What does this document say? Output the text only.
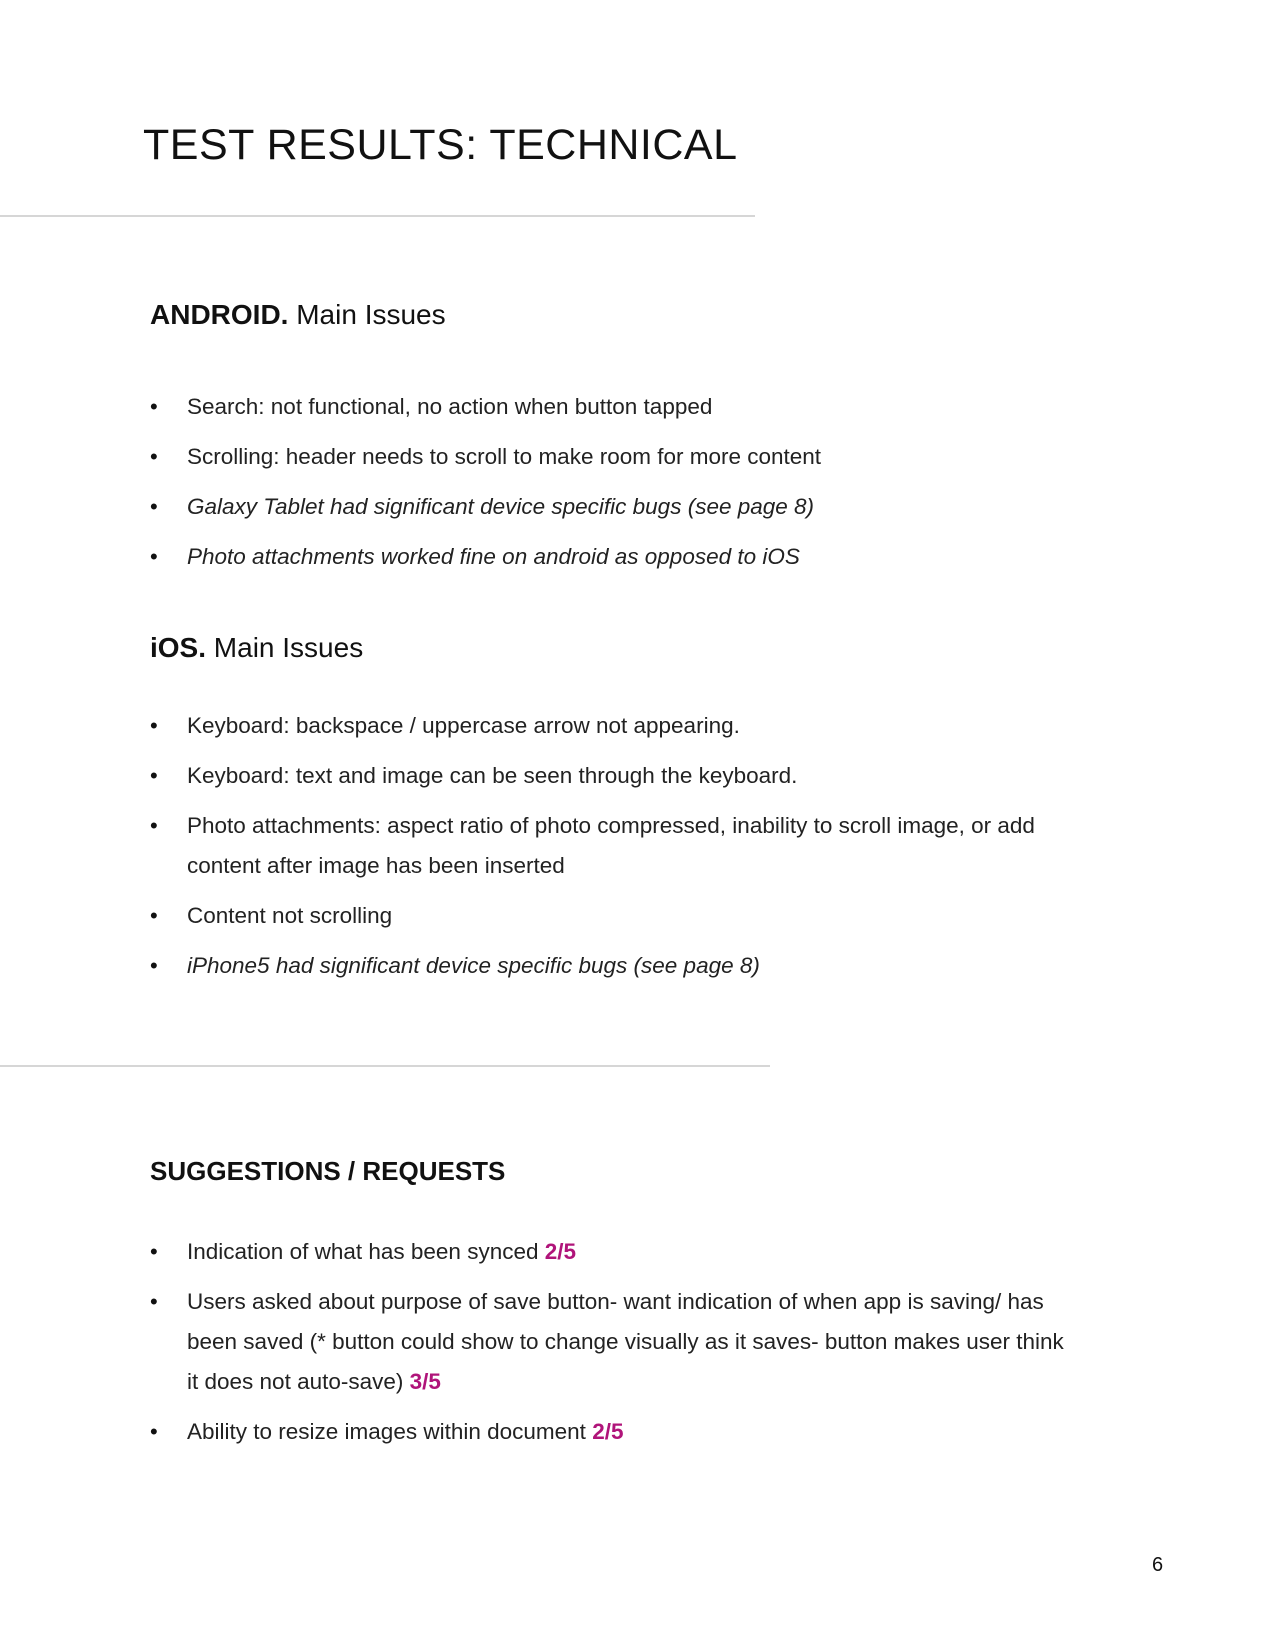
TEST RESULTS: TECHNICAL
ANDROID. Main Issues
• Search: not functional, no action when button tapped
• Scrolling: header needs to scroll to make room for more content
• Galaxy Tablet had significant device specific bugs (see page 8)
• Photo attachments worked fine on android as opposed to iOS
iOS. Main Issues
• Keyboard: backspace / uppercase arrow not appearing.
• Keyboard: text and image can be seen through the keyboard.
• Photo attachments: aspect ratio of photo compressed, inability to scroll image, or add content after image has been inserted
• Content not scrolling
• iPhone5 had significant device specific bugs (see page 8)
SUGGESTIONS / REQUESTS
• Indication of what has been synced 2/5
• Users asked about purpose of save button- want indication of when app is saving/ has been saved (* button could show to change visually as it saves- button makes user think it does not auto-save) 3/5
• Ability to resize images within document 2/5
6
